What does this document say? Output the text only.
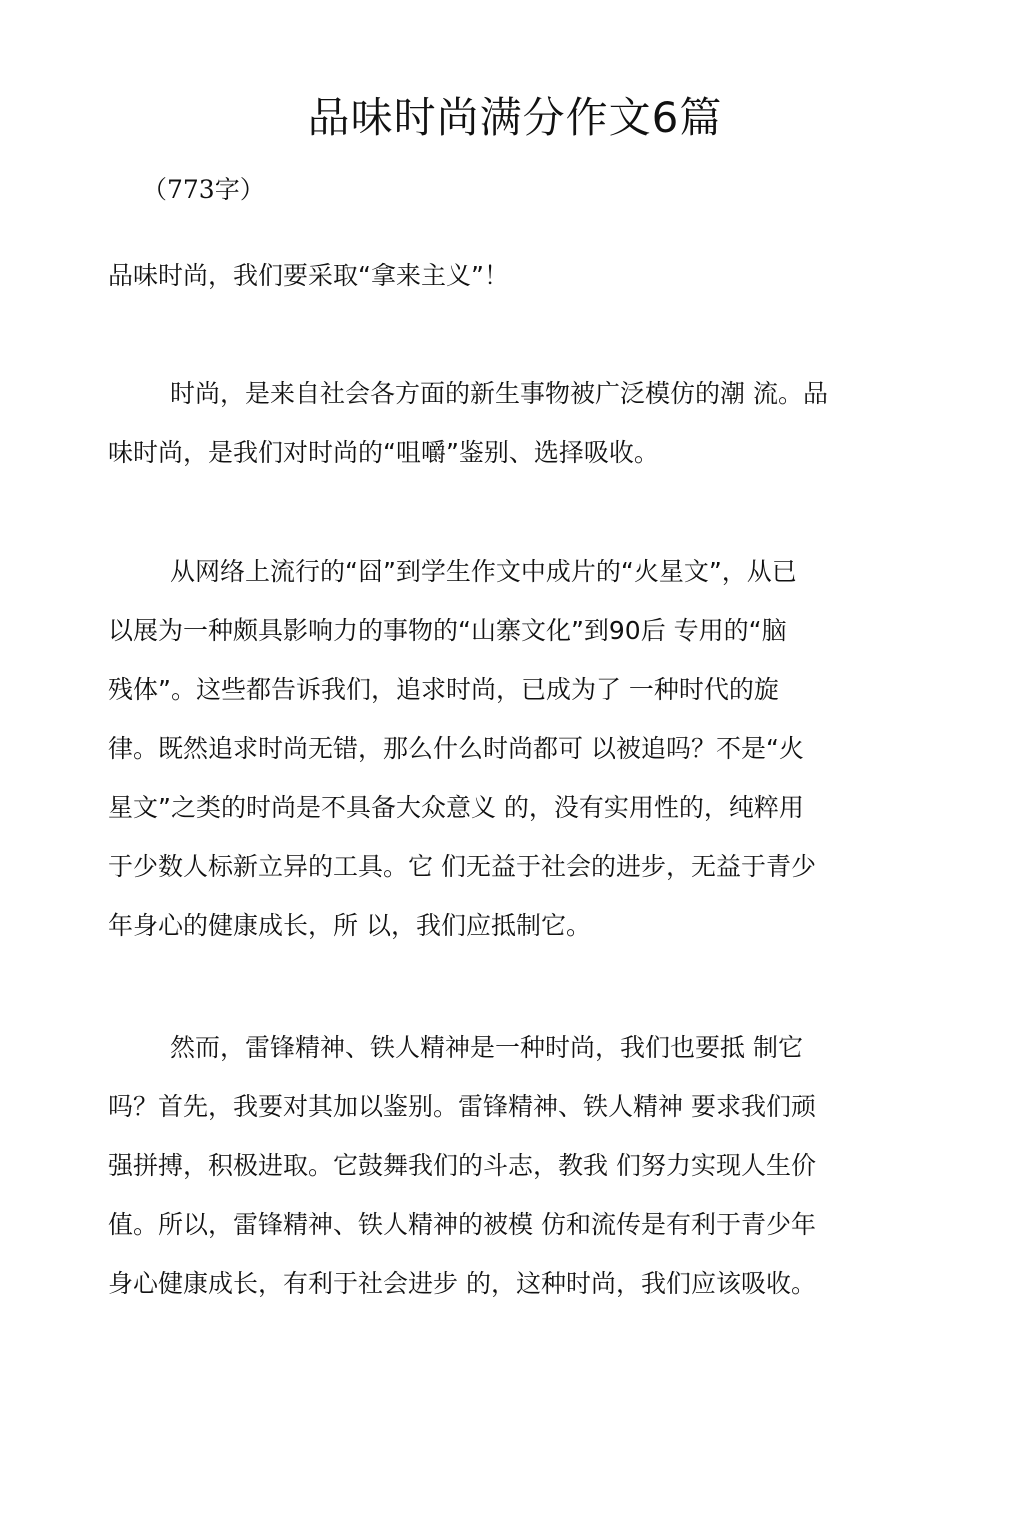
品味时尚满分作文6篇
（773字）
品味时尚，我们要采取“拿来主义”！
时尚，是来自社会各方面的新生事物被广泛模仿的潮 流。品
味时尚，是我们对时尚的“咀嚼”鉴别、选择吸收。
从网络上流行的“囧”到学生作文中成片的“火星文”，从已
以展为一种颇具影响力的事物的“山寨文化”到90后 专用的“脑
残体”。这些都告诉我们，追求时尚，已成为了 一种时代的旋
律。既然追求时尚无错，那么什么时尚都可 以被追吗？不是“火
星文”之类的时尚是不具备大众意义 的，没有实用性的，纯粹用
于少数人标新立异的工具。它 们无益于社会的进步，无益于青少
年身心的健康成长，所 以，我们应抵制它。
然而，雷锋精神、铁人精神是一种时尚，我们也要抵 制它
吗？首先，我要对其加以鉴别。雷锋精神、铁人精神 要求我们顽
强拼搏，积极进取。它鼓舞我们的斗志，教我 们努力实现人生价
值。所以，雷锋精神、铁人精神的被模 仿和流传是有利于青少年
身心健康成长，有利于社会进步 的，这种时尚，我们应该吸收。
